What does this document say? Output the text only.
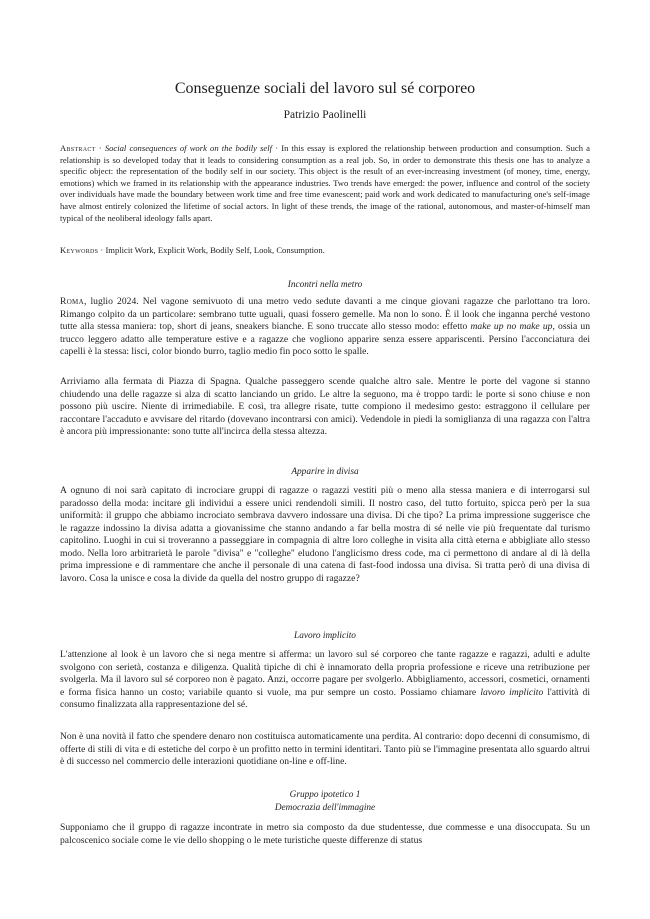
Conseguenze sociali del lavoro sul sé corporeo
Patrizio Paolinelli

Abstract · Social consequences of work on the bodily self · In this essay is explored the relationship between production and consumption. Such a relationship is so developed today that it leads to considering consumption as a real job. So, in order to demonstrate this thesis one has to analyze a specific object: the representation of the bodily self in our society. This object is the result of an ever-increasing investment (of money, time, energy, emotions) which we framed in its relationship with the appearance industries. Two trends have emerged: the power, influence and control of the society over individuals have made the boundary between work time and free time evanescent; paid work and work dedicated to manufacturing one's self-image have almost entirely colonized the lifetime of social actors. In light of these trends, the image of the rational, autonomous, and master-of-himself man typical of the neoliberal ideology falls apart.

Keywords · Implicit Work, Explicit Work, Bodily Self, Look, Consumption.

Incontri nella metro

Roma, luglio 2024. Nel vagone semivuoto di una metro vedo sedute davanti a me cinque giovani ragazze che parlottano tra loro. Rimango colpito da un particolare: sembrano tutte uguali, quasi fossero gemelle. Ma non lo sono. È il look che inganna perché vestono tutte alla stessa maniera: top, short di jeans, sneakers bianche. E sono truccate allo stesso modo: effetto make up no make up, ossia un trucco leggero adatto alle temperature estive e a ragazze che vogliono apparire senza essere appariscenti. Persino l'acconciatura dei capelli è la stessa: lisci, color biondo burro, taglio medio fin poco sotto le spalle.

Arriviamo alla fermata di Piazza di Spagna. Qualche passeggero scende qualche altro sale. Mentre le porte del vagone si stanno chiudendo una delle ragazze si alza di scatto lanciando un grido. Le altre la seguono, ma è troppo tardi: le porte si sono chiuse e non possono più uscire. Niente di irrimediabile. E così, tra allegre risate, tutte compiono il medesimo gesto: estraggono il cellulare per raccontare l'accaduto e avvisare del ritardo (dovevano incontrarsi con amici). Vedendole in piedi la somiglianza di una ragazza con l'altra è ancora più impressionante: sono tutte all'incirca della stessa altezza.

Apparire in divisa

A ognuno di noi sarà capitato di incrociare gruppi di ragazze o ragazzi vestiti più o meno alla stessa maniera e di interrogarsi sul paradosso della moda: incitare gli individui a essere unici rendendoli simili. Il nostro caso, del tutto fortuito, spicca però per la sua uniformità: il gruppo che abbiamo incrociato sembrava davvero indossare una divisa. Di che tipo? La prima impressione suggerisce che le ragazze indossino la divisa adatta a giovanissime che stanno andando a far bella mostra di sé nelle vie più frequentate dal turismo capitolino. Luoghi in cui si troveranno a passeggiare in compagnia di altre loro colleghe in visita alla città eterna e abbigliate allo stesso modo. Nella loro arbitrarietà le parole "divisa" e "colleghe" eludono l'anglicismo dress code, ma ci permettono di andare al di là della prima impressione e di rammentare che anche il personale di una catena di fast-food indossa una divisa. Si tratta però di una divisa di lavoro. Cosa la unisce e cosa la divide da quella del nostro gruppo di ragazze?

Lavoro implicito

L'attenzione al look è un lavoro che si nega mentre si afferma: un lavoro sul sé corporeo che tante ragazze e ragazzi, adulti e adulte svolgono con serietà, costanza e diligenza. Qualità tipiche di chi è innamorato della propria professione e riceve una retribuzione per svolgerla. Ma il lavoro sul sé corporeo non è pagato. Anzi, occorre pagare per svolgerlo. Abbigliamento, accessori, cosmetici, ornamenti e forma fisica hanno un costo; variabile quanto si vuole, ma pur sempre un costo. Possiamo chiamare lavoro implicito l'attività di consumo finalizzata alla rappresentazione del sé.

Non è una novità il fatto che spendere denaro non costituisca automaticamente una perdita. Al contrario: dopo decenni di consumismo, di offerte di stili di vita e di estetiche del corpo è un profitto netto in termini identitari. Tanto più se l'immagine presentata allo sguardo altrui è di successo nel commercio delle interazioni quotidiane on-line e off-line.

Gruppo ipotetico 1
Democrazia dell'immagine

Supponiamo che il gruppo di ragazze incontrate in metro sia composto da due studentesse, due commesse e una disoccupata. Su un palcoscenico sociale come le vie dello shopping o le mete turistiche queste differenze di status
